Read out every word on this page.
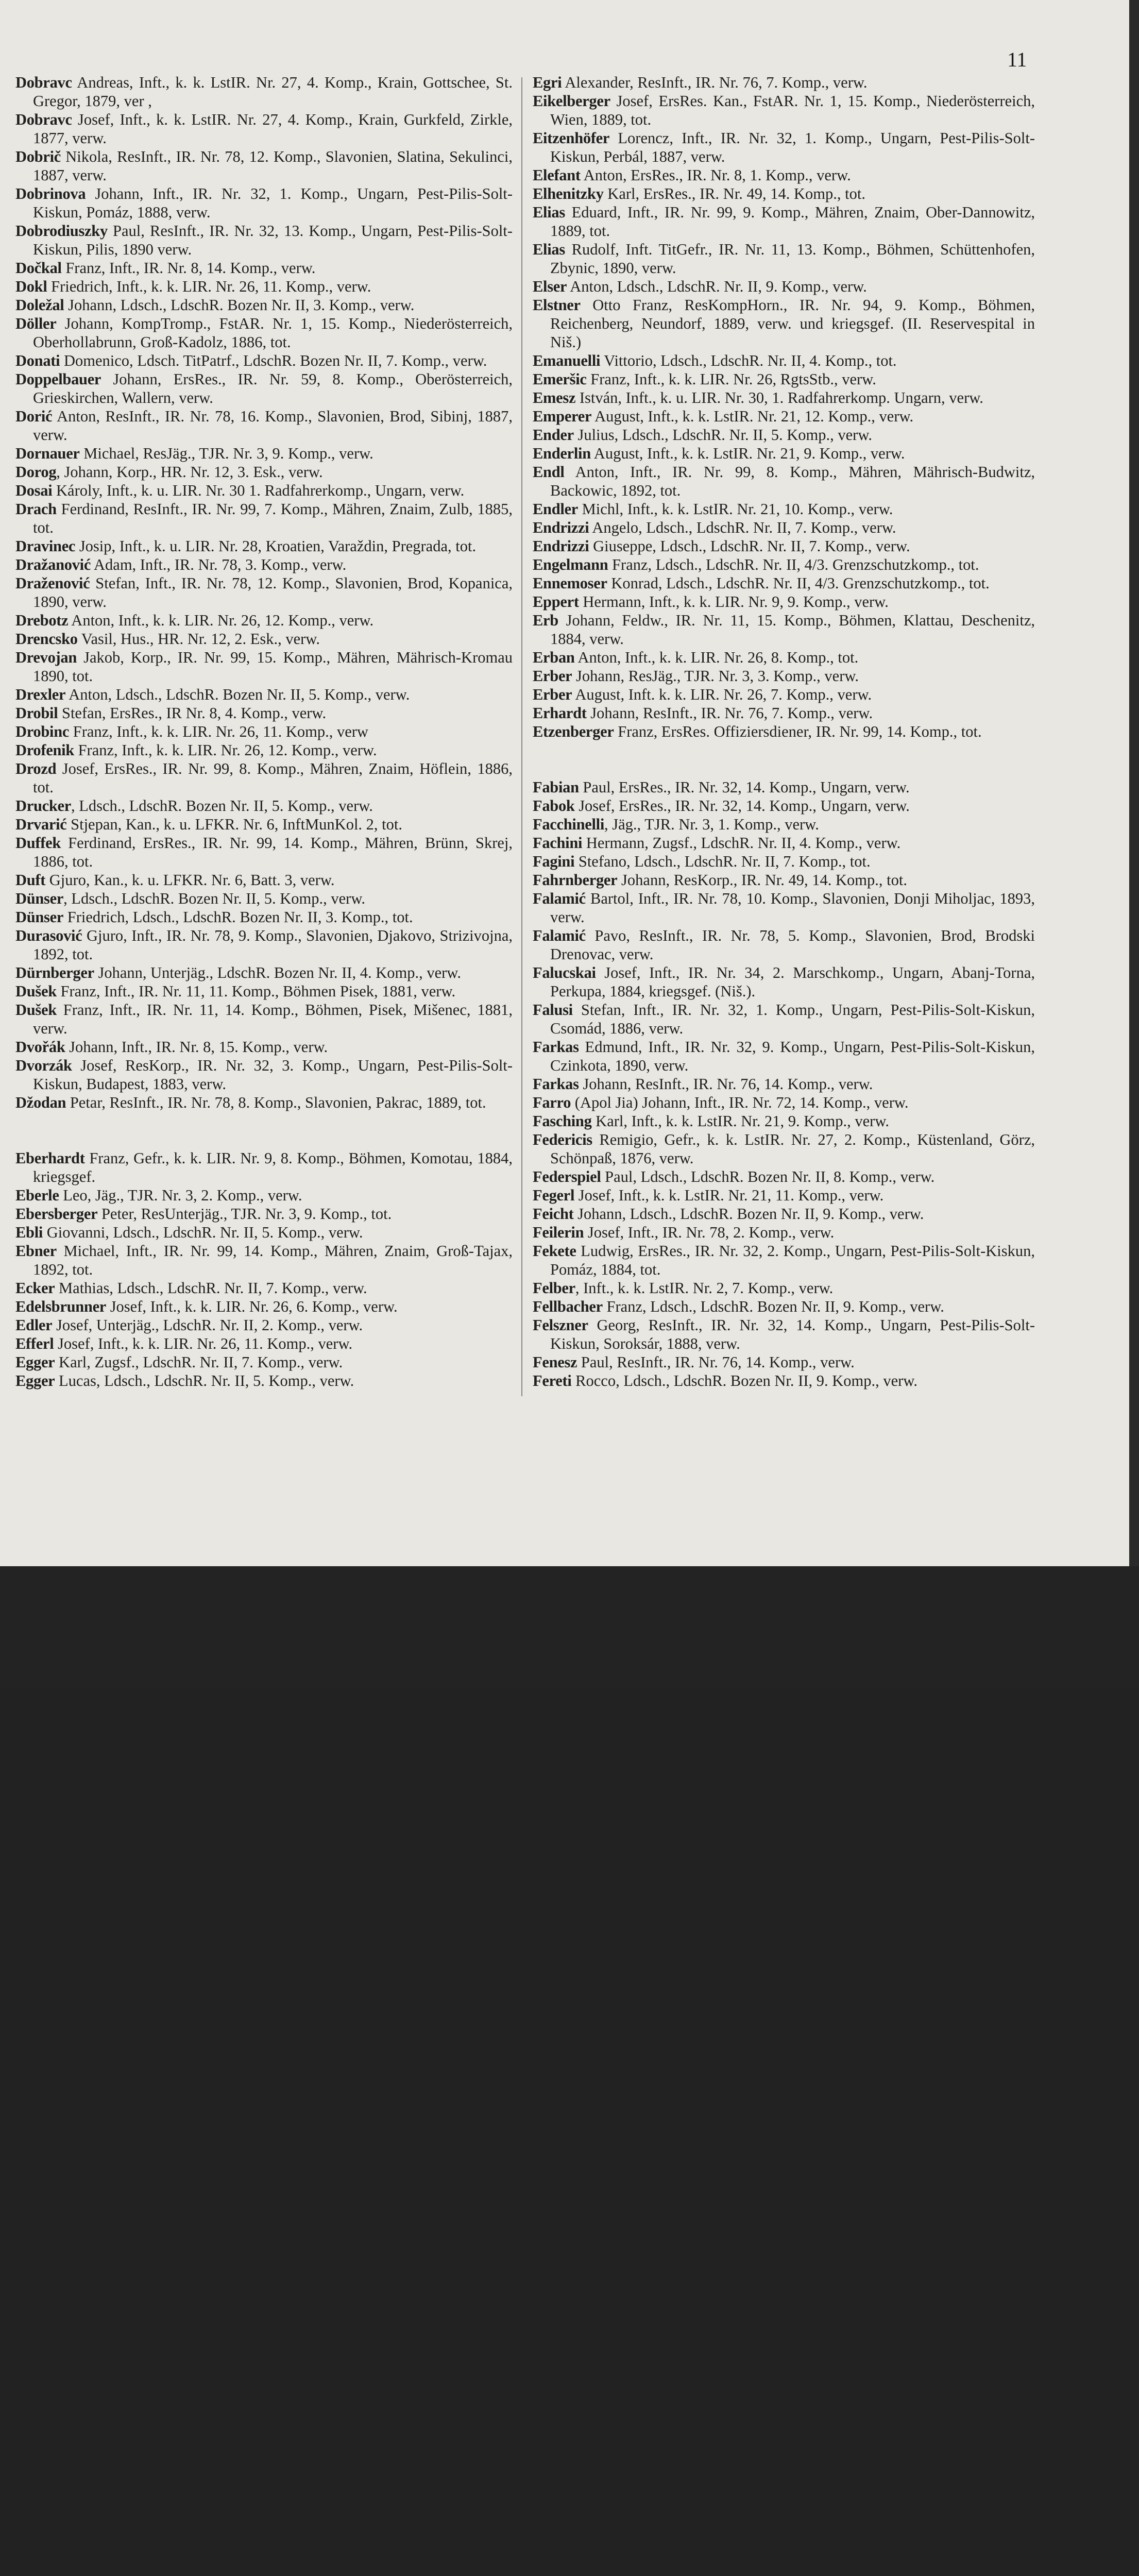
11
Dobravc Andreas, Inft., k. k. LstIR. Nr. 27, 4. Komp., Krain, Gottschee, St. Gregor, 1879, ver ,
Dobravc Josef, Inft., k. k. LstIR. Nr. 27, 4. Komp., Krain, Gurkfeld, Zirkle, 1877, verw.
Dobrič Nikola, ResInft., IR. Nr. 78, 12. Komp., Slavonien, Slatina, Sekulinci, 1887, verw.
Dobrinova Johann, Inft., IR. Nr. 32, 1. Komp., Ungarn, Pest-Pilis-Solt-Kiskun, Pomáz, 1888, verw.
Dobrodiuszky Paul, ResInft., IR. Nr. 32, 13. Komp., Ungarn, Pest-Pilis-Solt-Kiskun, Pilis, 1890 verw.
Dočkal Franz, Inft., IR. Nr. 8, 14. Komp., verw.
Dokl Friedrich, Inft., k. k. LIR. Nr. 26, 11. Komp., verw.
Doležal Johann, Ldsch., LdschR. Bozen Nr. II, 3. Komp., verw.
Döller Johann, KompTromp., FstAR. Nr. 1, 15. Komp., Niederösterreich, Oberhollabrunn, Groß-Kadolz, 1886, tot.
Donati Domenico, Ldsch. TitPatrf., LdschR. Bozen Nr. II, 7. Komp., verw.
Doppelbauer Johann, ErsRes., IR. Nr. 59, 8. Komp., Oberösterreich, Grieskirchen, Wallern, verw.
Dorić Anton, ResInft., IR. Nr. 78, 16. Komp., Slavonien, Brod, Sibinj, 1887, verw.
Dornauer Michael, ResJäg., TJR. Nr. 3, 9. Komp., verw.
Dorog, Johann, Korp., HR. Nr. 12, 3. Esk., verw.
Dosai Károly, Inft., k. u. LIR. Nr. 30 1. Radfahrerkomp., Ungarn, verw.
Drach Ferdinand, ResInft., IR. Nr. 99, 7. Komp., Mähren, Znaim, Zulb, 1885, tot.
Dravinec Josip, Inft., k. u. LIR. Nr. 28, Kroatien, Varaždin, Pregrada, tot.
Dražanović Adam, Inft., IR. Nr. 78, 3. Komp., verw.
Draženović Stefan, Inft., IR. Nr. 78, 12. Komp., Slavonien, Brod, Kopanica, 1890, verw.
Drebotz Anton, Inft., k. k. LIR. Nr. 26, 12. Komp., verw.
Drencsko Vasil, Hus., HR. Nr. 12, 2. Esk., verw.
Drevojan Jakob, Korp., IR. Nr. 99, 15. Komp., Mähren, Mährisch-Kromau 1890, tot.
Drexler Anton, Ldsch., LdschR. Bozen Nr. II, 5. Komp., verw.
Drobil Stefan, ErsRes., IR Nr. 8, 4. Komp., verw.
Drobinc Franz, Inft., k. k. LIR. Nr. 26, 11. Komp., verw
Drofenik Franz, Inft., k. k. LIR. Nr. 26, 12. Komp., verw.
Drozd Josef, ErsRes., IR. Nr. 99, 8. Komp., Mähren, Znaim, Höflein, 1886, tot.
Drucker, Ldsch., LdschR. Bozen Nr. II, 5. Komp., verw.
Drvarić Stjepan, Kan., k. u. LFKR. Nr. 6, InftMunKol. 2, tot.
Duffek Ferdinand, ErsRes., IR. Nr. 99, 14. Komp., Mähren, Brünn, Skrej, 1886, tot.
Duft Gjuro, Kan., k. u. LFKR. Nr. 6, Batt. 3, verw.
Dünser, Ldsch., LdschR. Bozen Nr. II, 5. Komp., verw.
Dünser Friedrich, Ldsch., LdschR. Bozen Nr. II, 3. Komp., tot.
Durasović Gjuro, Inft., IR. Nr. 78, 9. Komp., Slavonien, Djakovo, Strizivojna, 1892, tot.
Dürnberger Johann, Unterjäg., LdschR. Bozen Nr. II, 4. Komp., verw.
Dušek Franz, Inft., IR. Nr. 11, 11. Komp., Böhmen Pisek, 1881, verw.
Dušek Franz, Inft., IR. Nr. 11, 14. Komp., Böhmen, Pisek, Mišenec, 1881, verw.
Dvořák Johann, Inft., IR. Nr. 8, 15. Komp., verw.
Dvorzák Josef, ResKorp., IR. Nr. 32, 3. Komp., Ungarn, Pest-Pilis-Solt-Kiskun, Budapest, 1883, verw.
Džodan Petar, ResInft., IR. Nr. 78, 8. Komp., Slavonien, Pakrac, 1889, tot.
Eberhardt Franz, Gefr., k. k. LIR. Nr. 9, 8. Komp., Böhmen, Komotau, 1884, kriegsgef.
Eberle Leo, Jäg., TJR. Nr. 3, 2. Komp., verw.
Ebersberger Peter, ResUnterjäg., TJR. Nr. 3, 9. Komp., tot.
Ebli Giovanni, Ldsch., LdschR. Nr. II, 5. Komp., verw.
Ebner Michael, Inft., IR. Nr. 99, 14. Komp., Mähren, Znaim, Groß-Tajax, 1892, tot.
Ecker Mathias, Ldsch., LdschR. Nr. II, 7. Komp., verw.
Edelsbrunner Josef, Inft., k. k. LIR. Nr. 26, 6. Komp., verw.
Edler Josef, Unterjäg., LdschR. Nr. II, 2. Komp., verw.
Efferl Josef, Inft., k. k. LIR. Nr. 26, 11. Komp., verw.
Egger Karl, Zugsf., LdschR. Nr. II, 7. Komp., verw.
Egger Lucas, Ldsch., LdschR. Nr. II, 5. Komp., verw.
Egri Alexander, ResInft., IR. Nr. 76, 7. Komp., verw.
Eikelberger Josef, ErsRes. Kan., FstAR. Nr. 1, 15. Komp., Niederösterreich, Wien, 1889, tot.
Eitzenhöfer Lorencz, Inft., IR. Nr. 32, 1. Komp., Ungarn, Pest-Pilis-Solt-Kiskun, Perbál, 1887, verw.
Elefant Anton, ErsRes., IR. Nr. 8, 1. Komp., verw.
Elhenitzky Karl, ErsRes., IR. Nr. 49, 14. Komp., tot.
Elias Eduard, Inft., IR. Nr. 99, 9. Komp., Mähren, Znaim, Ober-Dannowitz, 1889, tot.
Elias Rudolf, Inft. TitGefr., IR. Nr. 11, 13. Komp., Böhmen, Schüttenhofen, Zbynic, 1890, verw.
Elser Anton, Ldsch., LdschR. Nr. II, 9. Komp., verw.
Elstner Otto Franz, ResKompHorn., IR. Nr. 94, 9. Komp., Böhmen, Reichenberg, Neundorf, 1889, verw. und kriegsgef. (II. Reservespital in Niš.)
Emanuelli Vittorio, Ldsch., LdschR. Nr. II, 4. Komp., tot.
Emeršic Franz, Inft., k. k. LIR. Nr. 26, RgtsStb., verw.
Emesz István, Inft., k. u. LIR. Nr. 30, 1. Radfahrerkomp. Ungarn, verw.
Emperer August, Inft., k. k. LstIR. Nr. 21, 12. Komp., verw.
Ender Julius, Ldsch., LdschR. Nr. II, 5. Komp., verw.
Enderlin August, Inft., k. k. LstIR. Nr. 21, 9. Komp., verw.
Endl Anton, Inft., IR. Nr. 99, 8. Komp., Mähren, Mährisch-Budwitz, Backowic, 1892, tot.
Endler Michl, Inft., k. k. LstIR. Nr. 21, 10. Komp., verw.
Endrizzi Angelo, Ldsch., LdschR. Nr. II, 7. Komp., verw.
Endrizzi Giuseppe, Ldsch., LdschR. Nr. II, 7. Komp., verw.
Engelmann Franz, Ldsch., LdschR. Nr. II, 4/3. Grenzschutzkomp., tot.
Ennemoser Konrad, Ldsch., LdschR. Nr. II, 4/3. Grenzschutzkomp., tot.
Eppert Hermann, Inft., k. k. LIR. Nr. 9, 9. Komp., verw.
Erb Johann, Feldw., IR. Nr. 11, 15. Komp., Böhmen, Klattau, Deschenitz, 1884, verw.
Erban Anton, Inft., k. k. LIR. Nr. 26, 8. Komp., tot.
Erber Johann, ResJäg., TJR. Nr. 3, 3. Komp., verw.
Erber August, Inft. k. k. LIR. Nr. 26, 7. Komp., verw.
Erhardt Johann, ResInft., IR. Nr. 76, 7. Komp., verw.
Etzenberger Franz, ErsRes. Offiziersdiener, IR. Nr. 99, 14. Komp., tot.
Fabian Paul, ErsRes., IR. Nr. 32, 14. Komp., Ungarn, verw.
Fabok Josef, ErsRes., IR. Nr. 32, 14. Komp., Ungarn, verw.
Facchinelli, Jäg., TJR. Nr. 3, 1. Komp., verw.
Fachini Hermann, Zugsf., LdschR. Nr. II, 4. Komp., verw.
Fagini Stefano, Ldsch., LdschR. Nr. II, 7. Komp., tot.
Fahrnberger Johann, ResKorp., IR. Nr. 49, 14. Komp., tot.
Falamić Bartol, Inft., IR. Nr. 78, 10. Komp., Slavonien, Donji Miholjac, 1893, verw.
Falamić Pavo, ResInft., IR. Nr. 78, 5. Komp., Slavonien, Brod, Brodski Drenovac, verw.
Falucskai Josef, Inft., IR. Nr. 34, 2. Marschkomp., Ungarn, Abanj-Torna, Perkupa, 1884, kriegsgef. (Niš.).
Falusi Stefan, Inft., IR. Nr. 32, 1. Komp., Ungarn, Pest-Pilis-Solt-Kiskun, Csomád, 1886, verw.
Farkas Edmund, Inft., IR. Nr. 32, 9. Komp., Ungarn, Pest-Pilis-Solt-Kiskun, Czinkota, 1890, verw.
Farkas Johann, ResInft., IR. Nr. 76, 14. Komp., verw.
Farro (Apol Jia) Johann, Inft., IR. Nr. 72, 14. Komp., verw.
Fasching Karl, Inft., k. k. LstIR. Nr. 21, 9. Komp., verw.
Federicis Remigio, Gefr., k. k. LstIR. Nr. 27, 2. Komp., Küstenland, Görz, Schönpaß, 1876, verw.
Federspiel Paul, Ldsch., LdschR. Bozen Nr. II, 8. Komp., verw.
Fegerl Josef, Inft., k. k. LstIR. Nr. 21, 11. Komp., verw.
Feicht Johann, Ldsch., LdschR. Bozen Nr. II, 9. Komp., verw.
Feilerin Josef, Inft., IR. Nr. 78, 2. Komp., verw.
Fekete Ludwig, ErsRes., IR. Nr. 32, 2. Komp., Ungarn, Pest-Pilis-Solt-Kiskun, Pomáz, 1884, tot.
Felber, Inft., k. k. LstIR. Nr. 2, 7. Komp., verw.
Fellbacher Franz, Ldsch., LdschR. Bozen Nr. II, 9. Komp., verw.
Felszner Georg, ResInft., IR. Nr. 32, 14. Komp., Ungarn, Pest-Pilis-Solt-Kiskun, Soroksár, 1888, verw.
Fenesz Paul, ResInft., IR. Nr. 76, 14. Komp., verw.
Fereti Rocco, Ldsch., LdschR. Bozen Nr. II, 9. Komp., verw.
